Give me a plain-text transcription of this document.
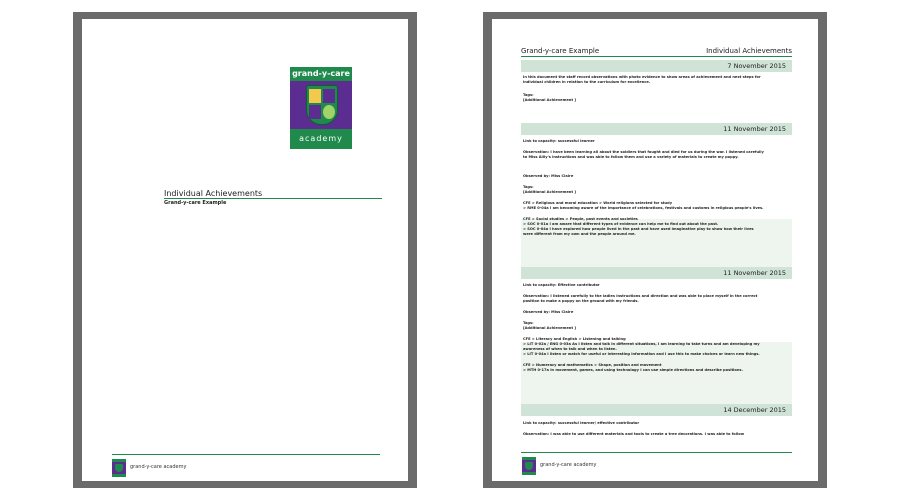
grand-y-care
academy
Individual Achievements
Grand-y-care Example
grand-y-care academy
Grand-y-care Example	Individual Achievements
7 November 2015
In this document the staff record observations with photo evidence to show areas of achievement and next steps for
individual children in relation to the curriculum for excellence.
Tags:
[Additional Achievement ]
11 November 2015
Link to capacity: successful learner
Observation: I have been learning all about the soldiers that fought and died for us during the war. I listened carefully
to Miss Ailly's instructions and was able to follow them and use a variety of materials to create my poppy.
Observed by: Miss Claire
Tags:
[Additional Achievement ]
CFE > Religious and moral education > World religions selected for study
> RME 0-04a I am becoming aware of the importance of celebrations, festivals and customs in religious people's lives.
CFE > Social studies > People, past events and societies
> SOC 0-01a I am aware that different types of evidence can help me to find out about the past.
> SOC 0-04a I have explored how people lived in the past and have used imaginative play to show how their lives
were different from my own and the people around me.
11 November 2015
Link to capacity: Effective contributor
Observation: I listened carefully to the ladies instructions and direction and was able to place myself in the correct
position to make a poppy on the ground with my friends.
Observed by: Miss Claire
Tags:
[Additional Achievement ]
CFE > Literacy and English > Listening and talking
> LIT 0-02a / ENG 0-03a As I listen and talk in different situations, I am learning to take turns and am developing my
awareness of when to talk and when to listen.
> LIT 0-04a I listen or watch for useful or interesting information and I use this to make choices or learn new things.
CFE > Numeracy and mathematics > Shape, position and movement
> MTH 0-17a In movement, games, and using technology I can use simple directions and describe positions.
14 December 2015
Link to capacity: successful learner/ effective contributor
Observation: I was able to use different materials and tools to create a tree decorations. I was able to follow
grand-y-care academy
